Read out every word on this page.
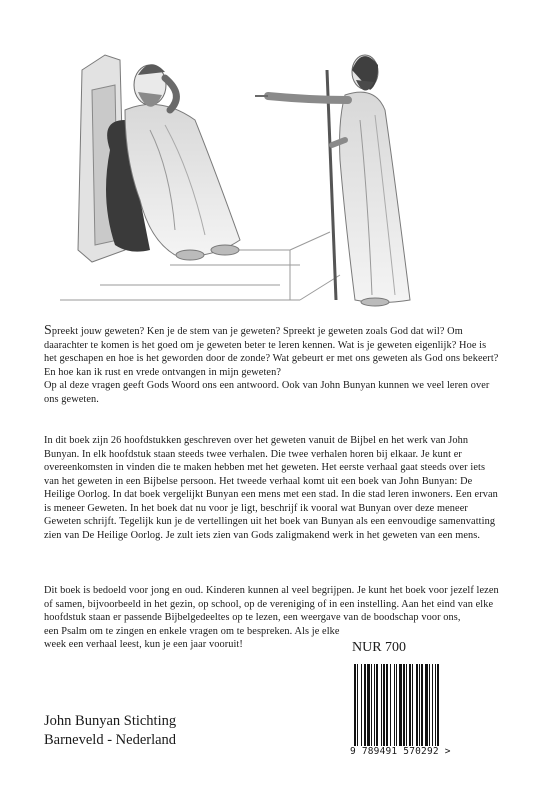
Spreekt jouw geweten? Ken je de stem van je geweten? Spreekt je geweten zoals God dat wil? Om daarachter te komen is het goed om je geweten beter te leren kennen. Wat is je geweten eigenlijk? Hoe is het geschapen en hoe is het geworden door de zonde? Wat gebeurt er met ons geweten als God ons bekeert? En hoe kan ik rust en vrede ontvangen in mijn geweten?

Op al deze vragen geeft Gods Woord ons een antwoord. Ook van John Bunyan kunnen we veel leren over ons geweten.

In dit boek zijn 26 hoofdstukken geschreven over het geweten vanuit de Bijbel en het werk van John Bunyan. In elk hoofdstuk staan steeds twee verhalen. Die twee verhalen horen bij elkaar. Je kunt er overeenkomsten in vinden die te maken hebben met het geweten. Het eerste verhaal gaat steeds over iets van het geweten in een Bijbelse persoon. Het tweede verhaal komt uit een boek van John Bunyan: De Heilige Oorlog. In dat boek vergelijkt Bunyan een mens met een stad. In die stad leren inwoners. Een ervan is meneer Geweten. In het boek dat nu voor je ligt, beschrijf ik vooral wat Bunyan over deze meneer Geweten schrijft. Tegelijk kun je de vertellingen uit het boek van Bunyan als een eenvoudige samenvatting zien van De Heilige Oorlog. Je zult iets zien van Gods zaligmakend werk in het geweten van een mens.

Dit boek is bedoeld voor jong en oud. Kinderen kunnen al veel begrijpen. Je kunt het boek voor jezelf lezen of samen, bijvoorbeeld in het gezin, op school, op de vereniging of in een instelling. Aan het eind van elke hoofdstuk staan er passende Bijbelgedeeltes op te lezen, een weergave van de boodschap voor ons,

een Psalm om te zingen en enkele vragen om te bespreken. Als je elke week een verhaal leest, kun je een jaar vooruit!	NUR 700
9 789491 570292 >
John Bunyan Stichting
Barneveld - Nederland
